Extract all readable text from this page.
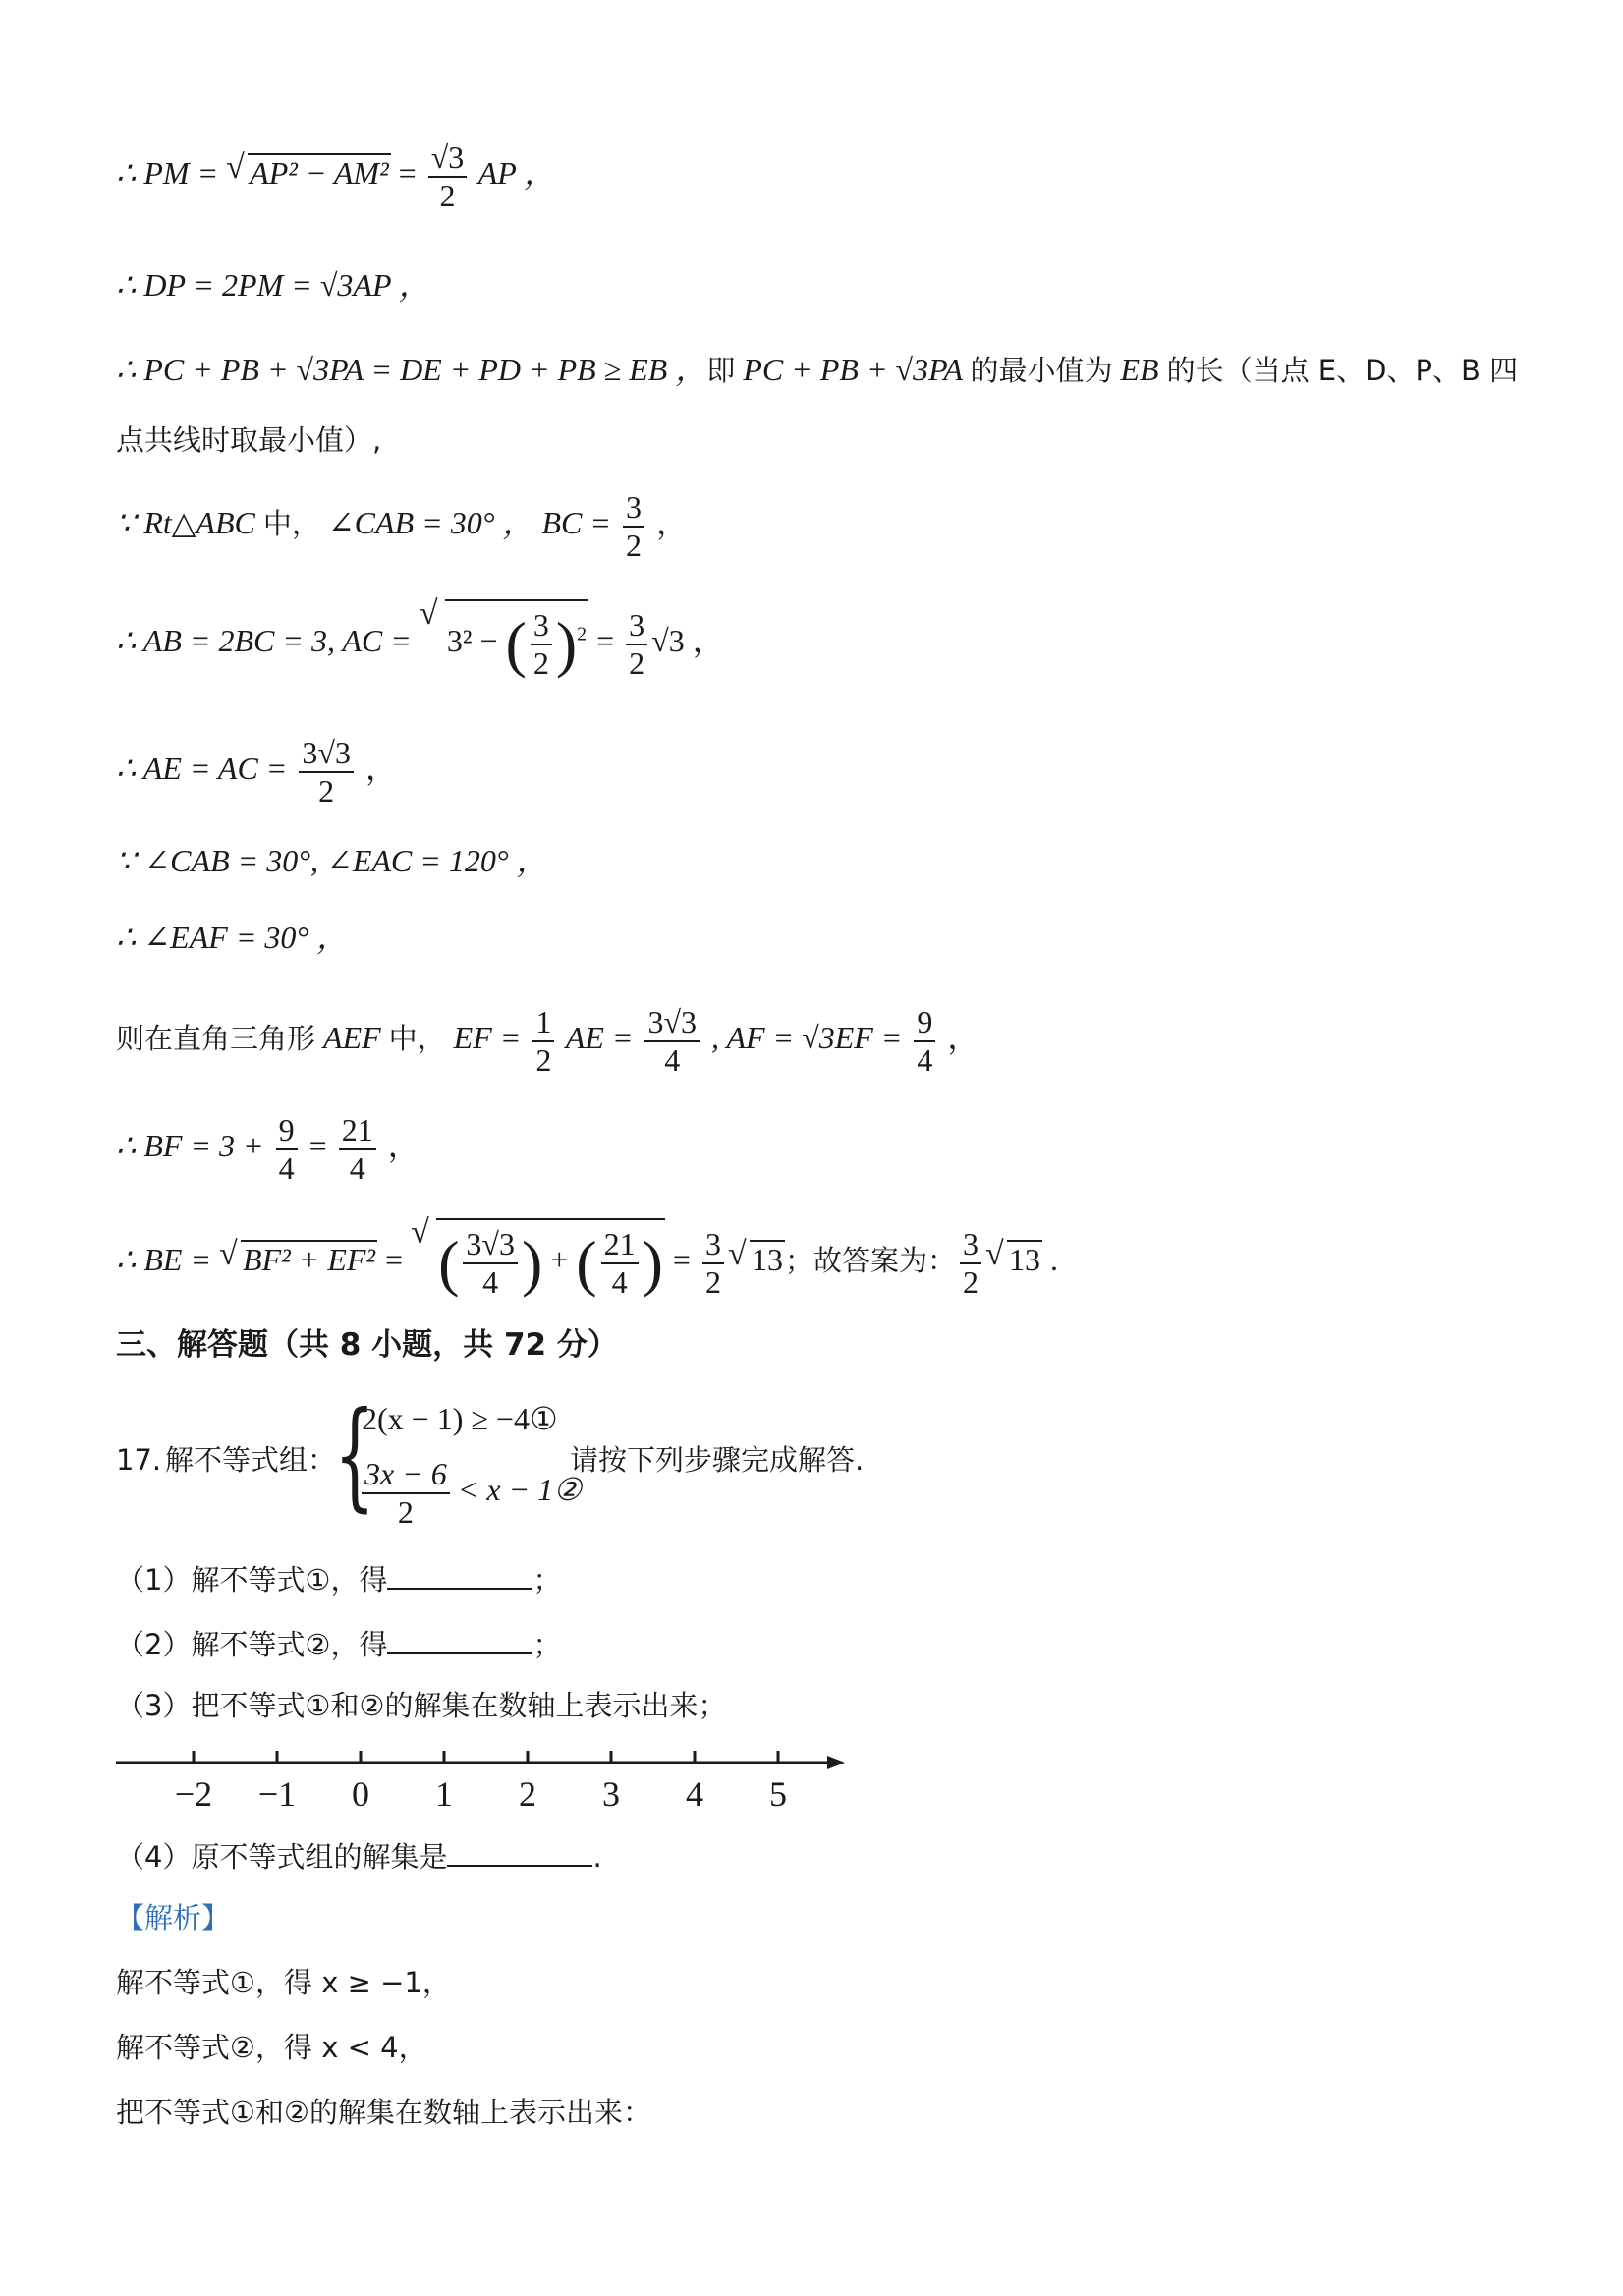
∴ PM = √ $AP^2 - AM^2 = \frac{√3}{2}$ AP ，
∴ DP = 2PM = √3AP ，
∴ PC + PB + √3PA = DE + PD + PB ≥ EB ，即 PC + PB + √3PA 的最小值为 EB 的长（当点 E、D、P、B 四
点共线时取最小值）,
∵ Rt△ABC 中， ∠CAB = 30° ， BC = $\frac{3}{2}$ ，
∴ AB = 2BC = 3, AC = √ 3² − ( $\frac{3}{2} )^2 = \frac{3}{2} √3$ ，
∴ AE = AC = $\frac{3√3}{2}$ ，
∵ ∠CAB = 30°, ∠EAC = 120° ，
∴ ∠EAF = 30° ，
则在直角三角形 AEF 中， EF = $\frac{1}{2}$ AE = $\frac{3√3}{4}$ , AF = $√3EF = \frac{9}{4}$ ，
∴ BF = $3 + \frac{9}{4} = \frac{21}{4}$ ，
∴ BE = √ BF² + EF² = √ ( $\frac{3√3}{4}$ ) + ( $\frac{21}{4}$ ) = $\frac{3}{2}$ √ 13；故答案为： $\frac{3}{2}$ √ 13 .
三、解答题（共 8 小题，共 72 分）
17. 解不等式组：
{
2(x − 1) ≥ −4①
$\frac{3x - 6}{2} < x$ − 1②
请按下列步骤完成解答.
（1）解不等式①，得	；
（2）解不等式②，得	；
（3）把不等式①和②的解集在数轴上表示出来；
−2 −1 0 1 2 3 4 5
（4）原不等式组的解集是	.
【解析】
解不等式①，得 x ≥ −1，
解不等式②，得 x < 4，
把不等式①和②的解集在数轴上表示出来：
